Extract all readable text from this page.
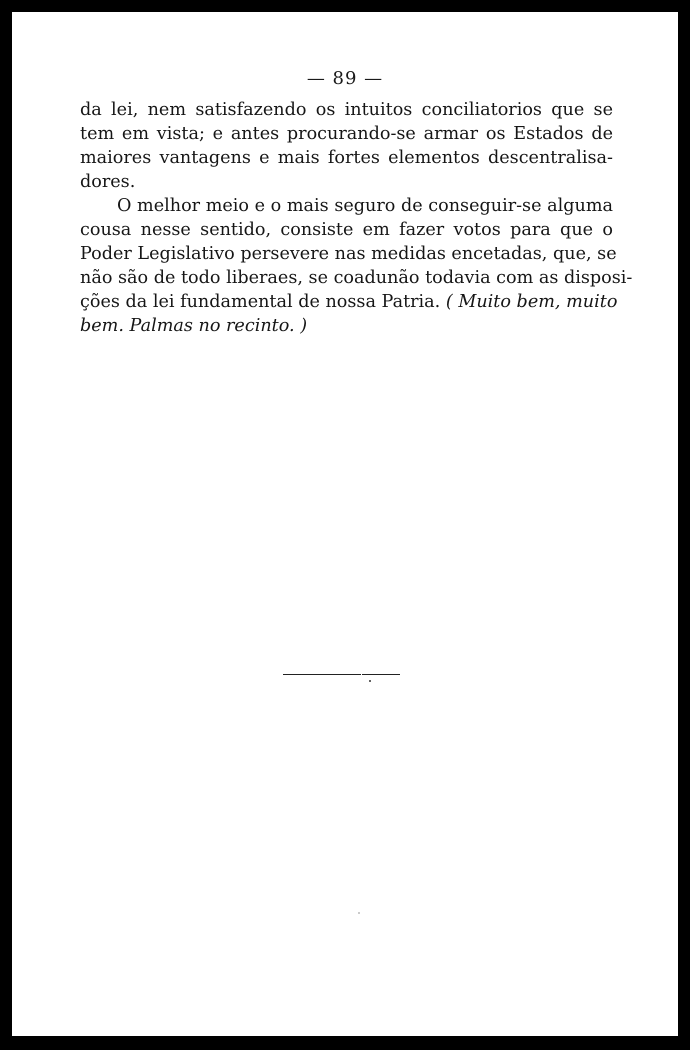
— 89 —
da lei, nem satisfazendo os intuitos conciliatorios que se
tem em vista; e antes procurando-se armar os Estados de
maiores vantagens e mais fortes elementos descentralisa-
dores.
O melhor meio e o mais seguro de conseguir-se alguma
cousa nesse sentido, consiste em fazer votos para que o
Poder Legislativo persevere nas medidas encetadas, que, se
não são de todo liberaes, se coadunão todavia com as disposi-
ções da lei fundamental de nossa Patria. ( Muito bem, muito
bem. Palmas no recinto. )
